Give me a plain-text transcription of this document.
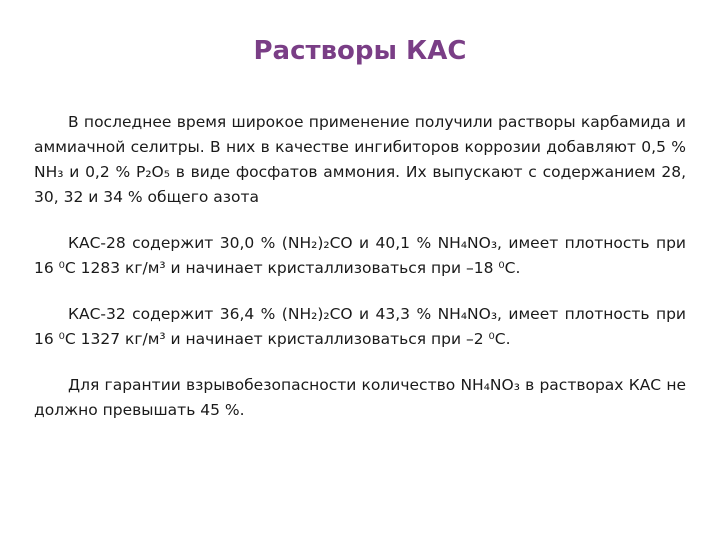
Растворы КАС

В последнее время широкое применение получили растворы карбамида и аммиачной селитры. В них в качестве ингибиторов коррозии добавляют 0,5 % NH₃ и 0,2 % P₂O₅ в виде фосфатов аммония. Их выпускают с содержанием 28, 30, 32 и 34 % общего азота

КАС-28 содержит 30,0 % (NH₂)₂CO и 40,1 % NH₄NO₃, имеет плотность при 16 ⁰С 1283 кг/м³ и начинает кристаллизоваться при –18 ⁰С.

КАС-32 содержит 36,4 % (NH₂)₂CO и 43,3 % NH₄NO₃, имеет плотность при 16 ⁰С 1327 кг/м³ и начинает кристаллизоваться при –2 ⁰С.

Для гарантии взрывобезопасности количество NH₄NO₃ в растворах КАС не должно превышать 45 %.
